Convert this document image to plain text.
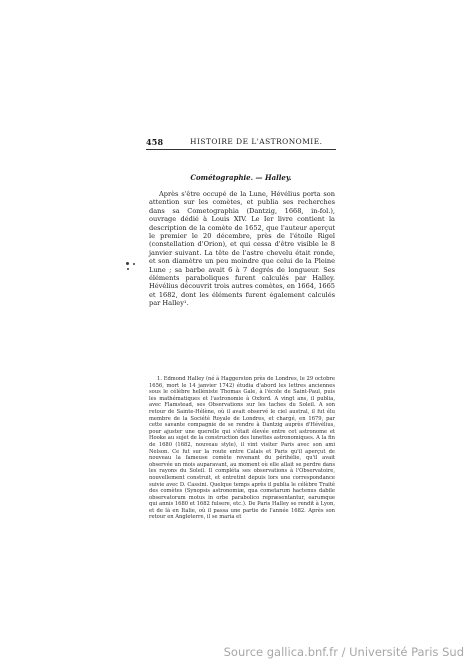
458	HISTOIRE DE L'ASTRONOMIE.
Cométographie. — Halley.

Après s'être occupé de la Lune, Hévélius porta son attention sur les comètes, et publia ses recherches dans sa Cometographia (Dantzig, 1668, in-fol.), ouvrage dédié à Louis XIV. Le Ier livre contient la description de la comète de 1652, que l'auteur aperçut le premier le 20 décembre, près de l'étoile Rigel (constellation d'Orion), et qui cessa d'être visible le 8 janvier suivant. La tête de l'astre chevelu était ronde, et son diamètre un peu moindre que celui de la Pleine Lune ; sa barbe avait 6 à 7 degrés de longueur. Ses éléments paraboliques furent calculés par Halley. Hévélius découvrit trois autres comètes, en 1664, 1665 et 1682, dont les éléments furent également calculés par Halley¹.

1. Edmond Halley (né à Haggerston près de Londres, le 29 octobre 1656, mort le 14 janvier 1742) étudia d'abord les lettres anciennes sous le célèbre helléniste Thomas Gale, à l'école de Saint-Paul, puis les mathématiques et l'astronomie à Oxford. A vingt ans, il publia, avec Flamstead, ses Observations sur les taches du Soleil. A son retour de Sainte-Hélène, où il avait observé le ciel austral, il fut élu membre de la Société Royale de Londres, et chargé, en 1679, par cette savante compagnie de se rendre à Dantzig auprès d'Hévélius, pour ajuster une querelle qui s'était élevée entre cet astronome et Hooke au sujet de la construction des lunettes astronomiques. A la fin de 1680 (1682, nouveau style), il vint visiter Paris avec son ami Nelson. Ce fut sur la route entre Calais et Paris qu'il aperçut de nouveau la fameuse comète revenant du périhélie, qu'il avait observée un mois auparavant, au moment où elle allait se perdre dans les rayons du Soleil. Il compléta ses observations à l'Observatoire, nouvellement construit, et entretint depuis lors une correspondance suivie avec D. Cassini. Quelque temps après il publia le célèbre Traité des comètes (Synopsis astronomiæ, qua cometarum hactenus dabile observatorum motus in orbe parabolico repræsentantur, earumque qui annis 1680 et 1682 fulsere, etc.). De Paris Halley se rendit à Lyon, et de là en Italie, où il passa une partie de l'année 1682. Après son retour en Angleterre, il se maria et

Source gallica.bnf.fr / Université Paris Sud
